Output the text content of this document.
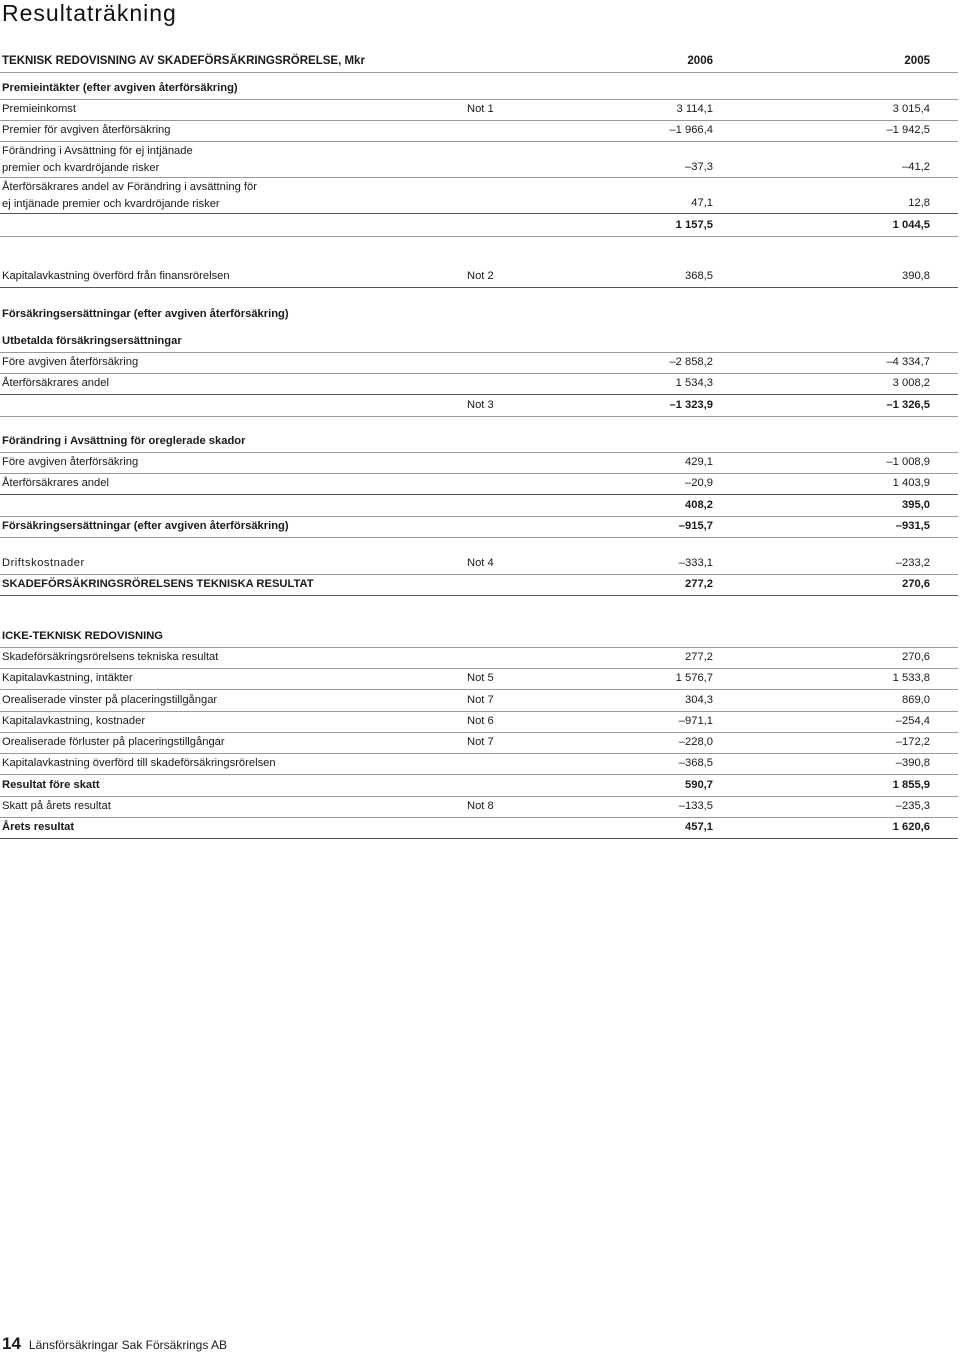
Resultaträkning
TEKNISK REDOVISNING AV SKADEFÖRSÄKRINGSRÖRELSE, Mkr	2006	2005
Premieintäkter (efter avgiven återförsäkring)
Premieinkomst	Not 1	3 114,1	3 015,4
Premier för avgiven återförsäkring	–1 966,4	–1 942,5
Förändring i Avsättning för ej intjänade
premier och kvardröjande risker	–37,3	–41,2
Återförsäkrares andel av Förändring i avsättning för
ej intjänade premier och kvardröjande risker	47,1	12,8
1 157,5	1 044,5
Kapitalavkastning överförd från finansrörelsen	Not 2	368,5	390,8
Försäkringsersättningar (efter avgiven återförsäkring)
Utbetalda försäkringsersättningar
Före avgiven återförsäkring	–2 858,2	–4 334,7
Återförsäkrares andel	1 534,3	3 008,2
Not 3	–1 323,9	–1 326,5
Förändring i Avsättning för oreglerade skador
Före avgiven återförsäkring	429,1	–1 008,9
Återförsäkrares andel	–20,9	1 403,9
408,2	395,0
Försäkringsersättningar (efter avgiven återförsäkring)	–915,7	–931,5
Driftskostnader	Not 4	–333,1	–233,2
SKADEFÖRSÄKRINGSRÖRELSENS TEKNISKA RESULTAT	277,2	270,6
ICKE-TEKNISK REDOVISNING
Skadeförsäkringsrörelsens tekniska resultat	277,2	270,6
Kapitalavkastning, intäkter	Not 5	1 576,7	1 533,8
Orealiserade vinster på placeringstillgångar	Not 7	304,3	869,0
Kapitalavkastning, kostnader	Not 6	–971,1	–254,4
Orealiserade förluster på placeringstillgångar	Not 7	–228,0	–172,2
Kapitalavkastning överförd till skadeförsäkringsrörelsen	–368,5	–390,8
Resultat före skatt	590,7	1 855,9
Skatt på årets resultat	Not 8	–133,5	–235,3
Årets resultat	457,1	1 620,6
14 Länsförsäkringar Sak Försäkrings AB
